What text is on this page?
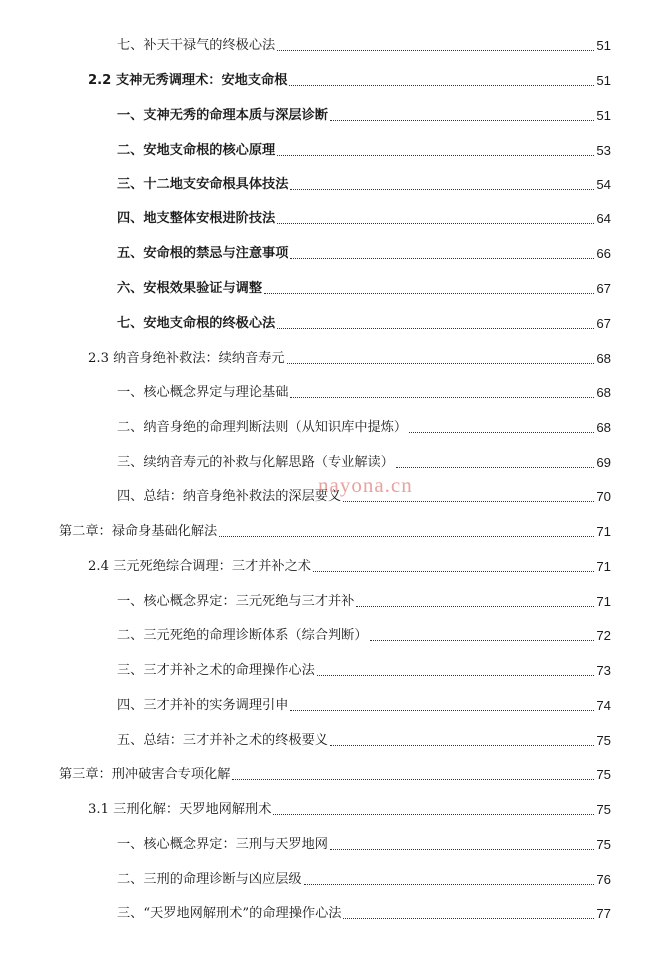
七、补天干禄气的终极心法	51
2.2 支神无秀调理术：安地支命根	51
一、支神无秀的命理本质与深层诊断	51
二、安地支命根的核心原理	53
三、十二地支安命根具体技法	54
四、地支整体安根进阶技法	64
五、安命根的禁忌与注意事项	66
六、安根效果验证与调整	67
七、安地支命根的终极心法	67
2.3 纳音身绝补救法：续纳音寿元	68
一、核心概念界定与理论基础	68
二、纳音身绝的命理判断法则（从知识库中提炼）	68
三、续纳音寿元的补救与化解思路（专业解读）	69
四、总结：纳音身绝补救法的深层要义	70
第二章：禄命身基础化解法	71
2.4 三元死绝综合调理：三才并补之术	71
一、核心概念界定：三元死绝与三才并补	71
二、三元死绝的命理诊断体系（综合判断）	72
三、三才并补之术的命理操作心法	73
四、三才并补的实务调理引申	74
五、总结：三才并补之术的终极要义	75
第三章：刑冲破害合专项化解	75
3.1 三刑化解：天罗地网解刑术	75
一、核心概念界定：三刑与天罗地网	75
二、三刑的命理诊断与凶应层级	76
三、“天罗地网解刑术”的命理操作心法	77
nayona.cn
